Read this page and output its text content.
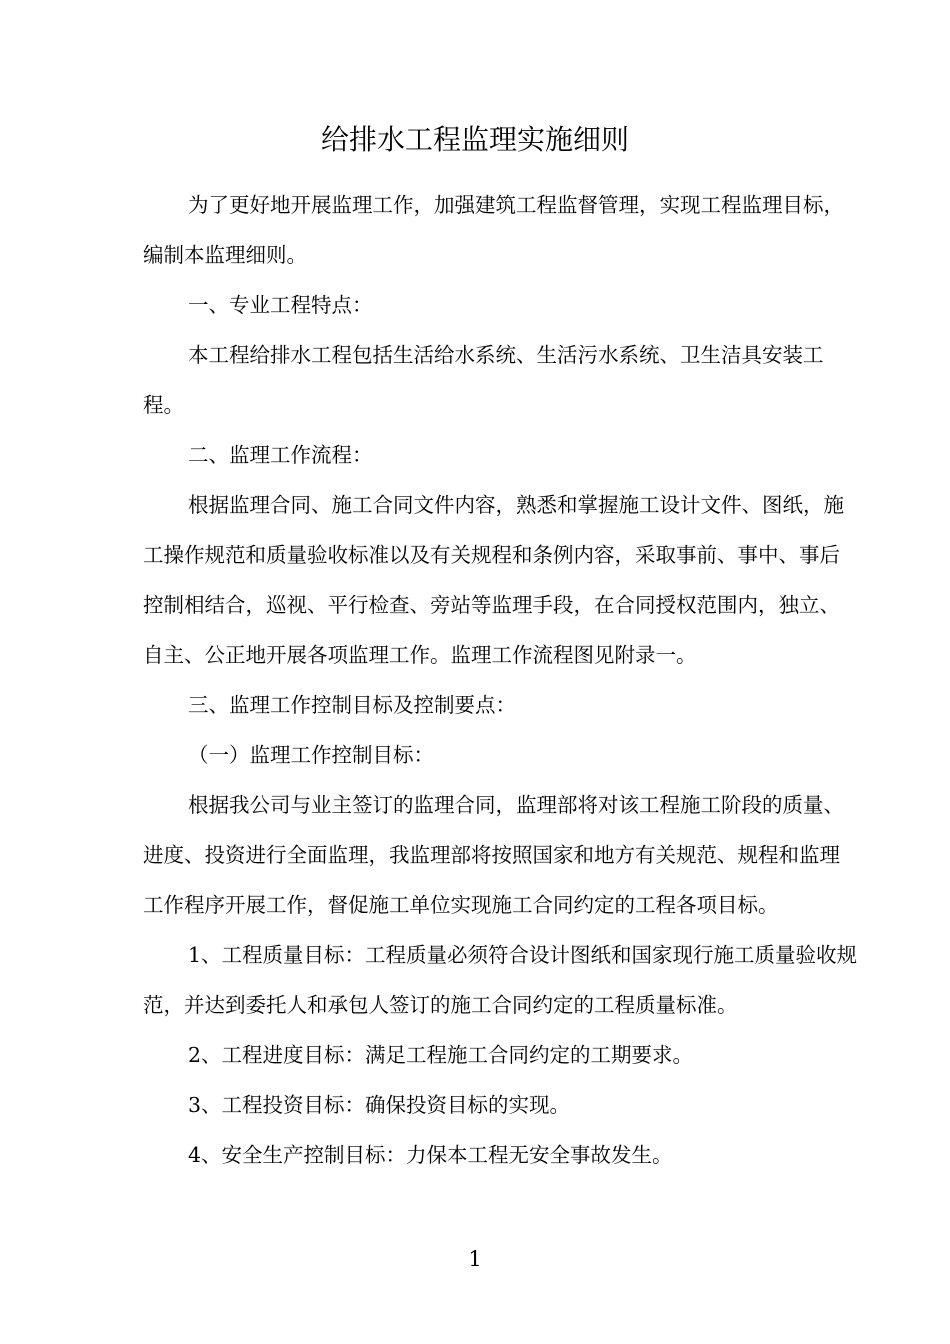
给排水工程监理实施细则

为了更好地开展监理工作，加强建筑工程监督管理，实现工程监理目标，编制本监理细则。

一、专业工程特点：

本工程给排水工程包括生活给水系统、生活污水系统、卫生洁具安装工程。

二、监理工作流程：

根据监理合同、施工合同文件内容，熟悉和掌握施工设计文件、图纸，施工操作规范和质量验收标准以及有关规程和条例内容，采取事前、事中、事后控制相结合，巡视、平行检查、旁站等监理手段，在合同授权范围内，独立、自主、公正地开展各项监理工作。监理工作流程图见附录一。

三、监理工作控制目标及控制要点：

（一）监理工作控制目标：

根据我公司与业主签订的监理合同，监理部将对该工程施工阶段的质量、进度、投资进行全面监理，我监理部将按照国家和地方有关规范、规程和监理工作程序开展工作，督促施工单位实现施工合同约定的工程各项目标。

1、工程质量目标：工程质量必须符合设计图纸和国家现行施工质量验收规范，并达到委托人和承包人签订的施工合同约定的工程质量标准。

2、工程进度目标：满足工程施工合同约定的工期要求。

3、工程投资目标：确保投资目标的实现。

4、安全生产控制目标：力保本工程无安全事故发生。

1
